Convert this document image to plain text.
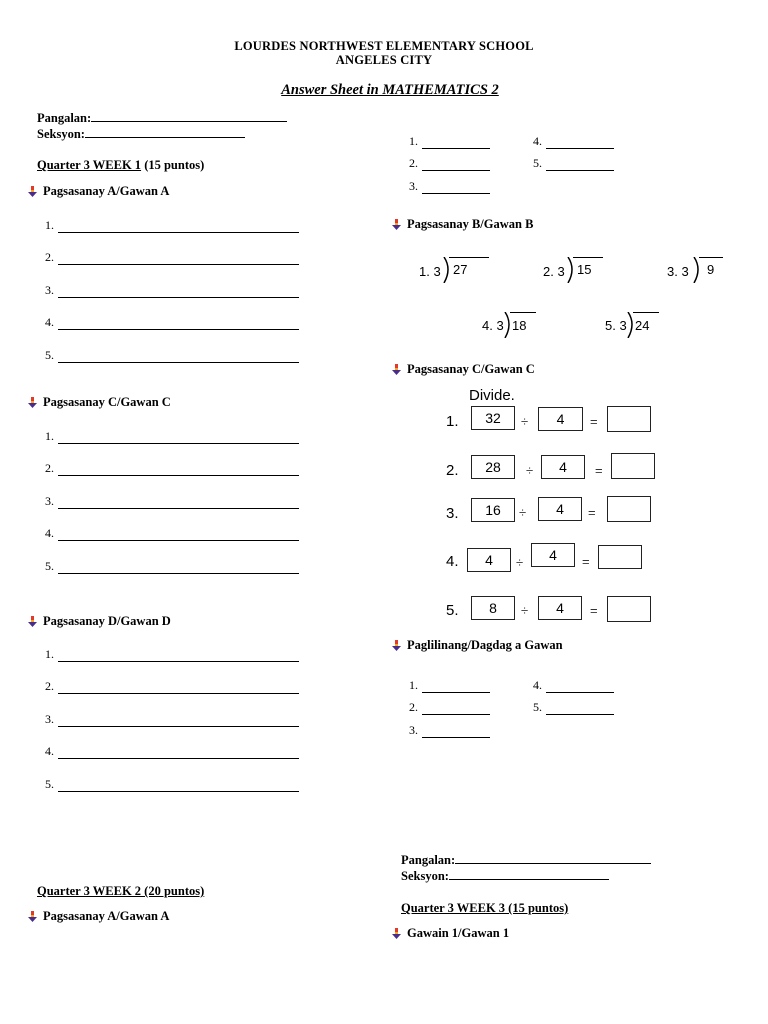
LOURDES NORTHWEST ELEMENTARY SCHOOL
ANGELES CITY
Answer Sheet in MATHEMATICS 2
Pangalan:
Seksyon:
Quarter 3 WEEK 1 (15 puntos)
Pagsasanay A/Gawan A
1.
2.
3.
4.
5.
Pagsasanay C/Gawan C
1.
2.
3.
4.
5.
Pagsasanay D/Gawan D
1.
2.
3.
4.
5.
Quarter 3 WEEK 2 (20 puntos)
Pagsasanay A/Gawan A
1.
2.
3.
4.
5.
Pagsasanay B/Gawan B
1. 3 27	2. 3 15	3. 3 9
4. 3 18	5. 3 24
Pagsasanay C/Gawan C
Divide.
1.	32	÷	4	=
2.	28	÷	4	=
3.	16	÷	4	=
4.	4	÷	4	=
5.	8	÷	4	=
Paglilinang/Dagdag a Gawan
1.
2.
3.
4.
5.
Pangalan:
Seksyon:
Quarter 3 WEEK 3 (15 puntos)
Gawain 1/Gawan 1
